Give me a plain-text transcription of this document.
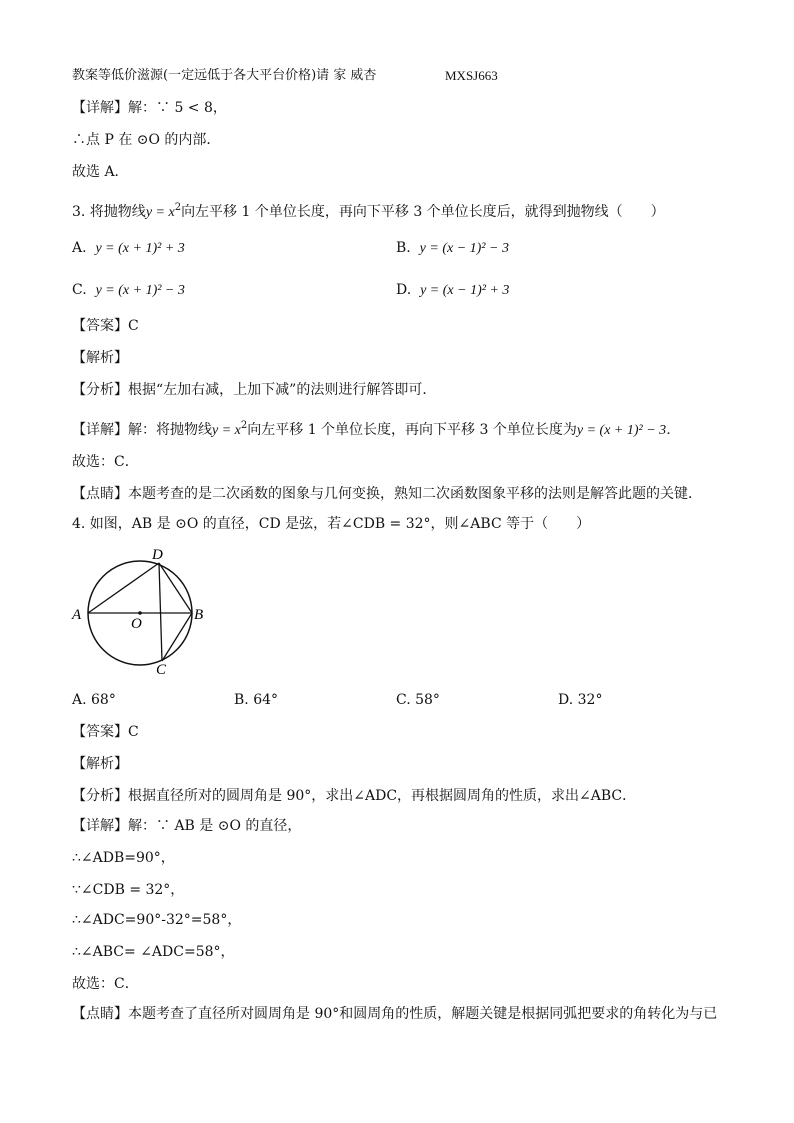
教案等低价滋源(一定远低于各大平台价格)请 家 威杏	MXSJ663
【详解】解：∵ 5 < 8，
∴点 P 在 ⊙O 的内部．
故选 A．
3. 将抛物线$y = x^2$向左平移 1 个单位长度，再向下平移 3 个单位长度后，就得到抛物线（　　）
A. y = (x + 1)² + 3	B. y = (x − 1)² − 3
C. y = (x + 1)² − 3	D. y = (x − 1)² + 3
【答案】C
【解析】
【分析】根据“左加右减，上加下减”的法则进行解答即可．
【详解】解：将抛物线$y = x^2$向左平移 1 个单位长度，再向下平移 3 个单位长度为y = (x + 1)² − 3．
故选：C．
【点睛】本题考查的是二次函数的图象与几何变换，熟知二次函数图象平移的法则是解答此题的关键．
4. 如图，AB 是 ⊙O 的直径，CD 是弦，若∠CDB = 32°，则∠ABC 等于（　　）
A	B
D
C
O
A. 68°	B. 64°	C. 58°	D. 32°
【答案】C
【解析】
【分析】根据直径所对的圆周角是 90°，求出∠ADC，再根据圆周角的性质，求出∠ABC．
【详解】解：∵ AB 是 ⊙O 的直径，
∴∠ADB=90°，
∵∠CDB = 32°，
∴∠ADC=90°-32°=58°，
∴∠ABC= ∠ADC=58°，
故选：C．
【点睛】本题考查了直径所对圆周角是 90°和圆周角的性质，解题关键是根据同弧把要求的角转化为与已
